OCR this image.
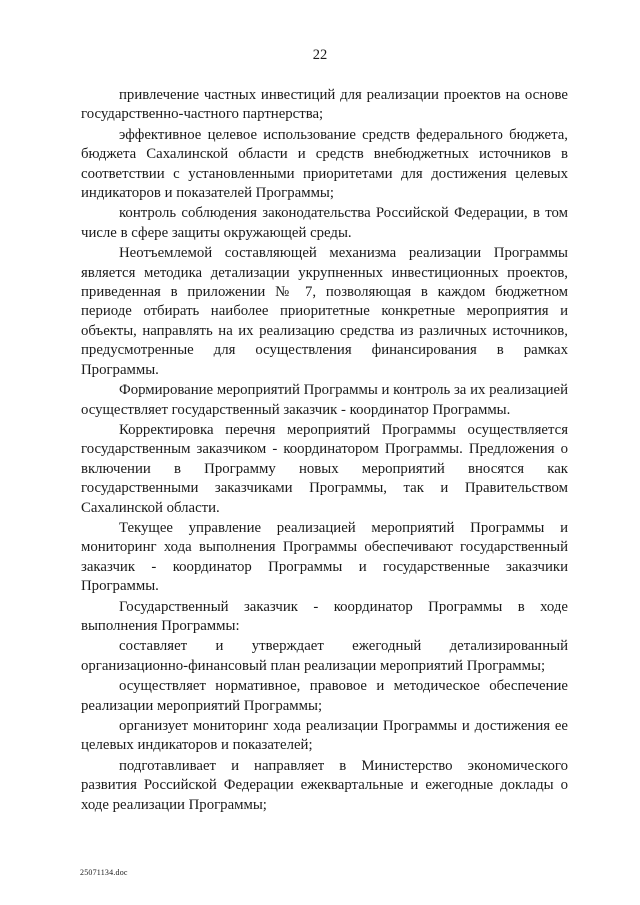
22

привлечение частных инвестиций для реализации проектов на основе государственно-частного партнерства;

эффективное целевое использование средств федерального бюджета, бюджета Сахалинской области и средств внебюджетных источников в соответствии с установленными приоритетами для достижения целевых индикаторов и показателей Программы;

контроль соблюдения законодательства Российской Федерации, в том числе в сфере защиты окружающей среды.

Неотъемлемой составляющей механизма реализации Программы является методика детализации укрупненных инвестиционных проектов, приведенная в приложении № 7, позволяющая в каждом бюджетном периоде отбирать наиболее приоритетные конкретные мероприятия и объекты, направлять на их реализацию средства из различных источников, предусмотренные для осуществления финансирования в рамках Программы.

Формирование мероприятий Программы и контроль за их реализацией осуществляет государственный заказчик - координатор Программы.

Корректировка перечня мероприятий Программы осуществляется государственным заказчиком - координатором Программы. Предложения о включении в Программу новых мероприятий вносятся как государственными заказчиками Программы, так и Правительством Сахалинской области.

Текущее управление реализацией мероприятий Программы и мониторинг хода выполнения Программы обеспечивают государственный заказчик - координатор Программы и государственные заказчики Программы.

Государственный заказчик - координатор Программы в ходе выполнения Программы:

составляет и утверждает ежегодный детализированный организационно-финансовый план реализации мероприятий Программы;

осуществляет нормативное, правовое и методическое обеспечение реализации мероприятий Программы;

организует мониторинг хода реализации Программы и достижения ее целевых индикаторов и показателей;

подготавливает и направляет в Министерство экономического развития Российской Федерации ежеквартальные и ежегодные доклады о ходе реализации Программы;

25071134.doc
